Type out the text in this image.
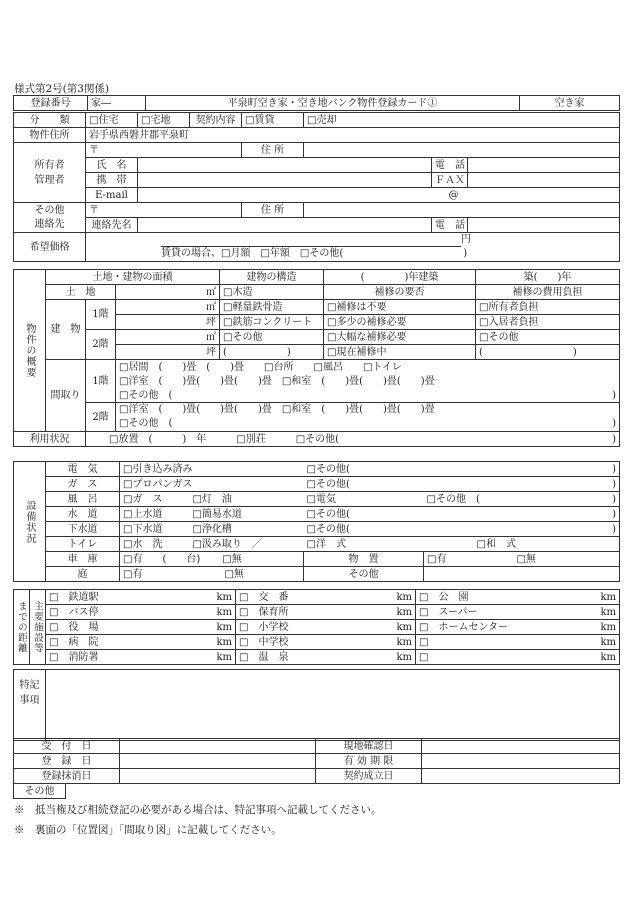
様式第2号(第3関係)
登録番号	家―	平泉町空き家・空き地バンク物件登録カード①	空き家
分　　類	□住宅	□宅地	契約内容	□賃貸	□売却		
物件住所	岩手県西磐井郡平泉町						
所有者
管理者	〒			住 所			
	氏　名					電　話	
	携　帯					ＦＡＸ	
	E-mail	@					
その他
連絡先	〒			住 所			
	連絡先名					電　話	
希望価格	円
賃貸の場合、□月額　□年額　□その他( )						
物件の概要	土地・建物の面積			建物の構造	( )年建築	築(　　)年
	土　地		㎡	□木造	補修の要否	補修の費用負担
	建　物	1階	㎡	□軽量鉄骨造	□補修は不要	□所有者負担
			坪	□鉄筋コンクリート	□多少の補修必要	□入居者負担
		2階	㎡	□その他	□大幅な補修必要	□その他
			坪	(　　　　　　)	□現在補修中	(　　　　　　　　　)
	間取り	1階	□居間　(　　)畳　(　　)畳　　□台所　　□風呂　　□トイレ			
			□洋室　(　　)畳(　　)畳(　　)畳　□和室　(　　)畳(　　)畳(　　)畳			
			□その他　( )			

		2階	□洋室　(　　)畳(　　)畳(　　)畳　□和室　(　　)畳(　　)畳(　　)畳
□その他　( )			

利用状況		□放置　(　　　)　年　　　□別荘　　　□その他( )				
設備状況	電　気	□引き込み済み	□その他( )	

	ガ　ス	□プロパンガス	□その他( )	

	風　呂	□ガ　ス　　　□灯　油	□電気	□その他　( )

	水　道	□上水道　　　□簡易水道	□その他( )	

	下水道	□下水道　　　□浄化槽	□その他( )	

	トイレ	□水　洗　　　□汲み取り　／	□洋　式	□和　式
	車　庫	□有　　(　　台) □無	物　置	□有 □無
	庭	□有 □無	その他	
までの距離	主要施設等	□　鉄道駅	km	□　交　番	km	□　公　園	km
		□　バス停	km	□　保育所	km	□　スーパー	km
		□　役　場	km	□　小学校	km	□　ホームセンター	km
		□　病　院	km	□　中学校	km	□	km
		□　消防署	km	□　温　泉	km	□	km
特記事項	
受　付　日		現地確認日	
登　録　日		有 効 期 限	
登録抹消日		契約成立日	
その他	
※　抵当権及び相続登記の必要がある場合は、特記事項へ記載してください。
※　裏面の「位置図」「間取り図」に記載してください。
